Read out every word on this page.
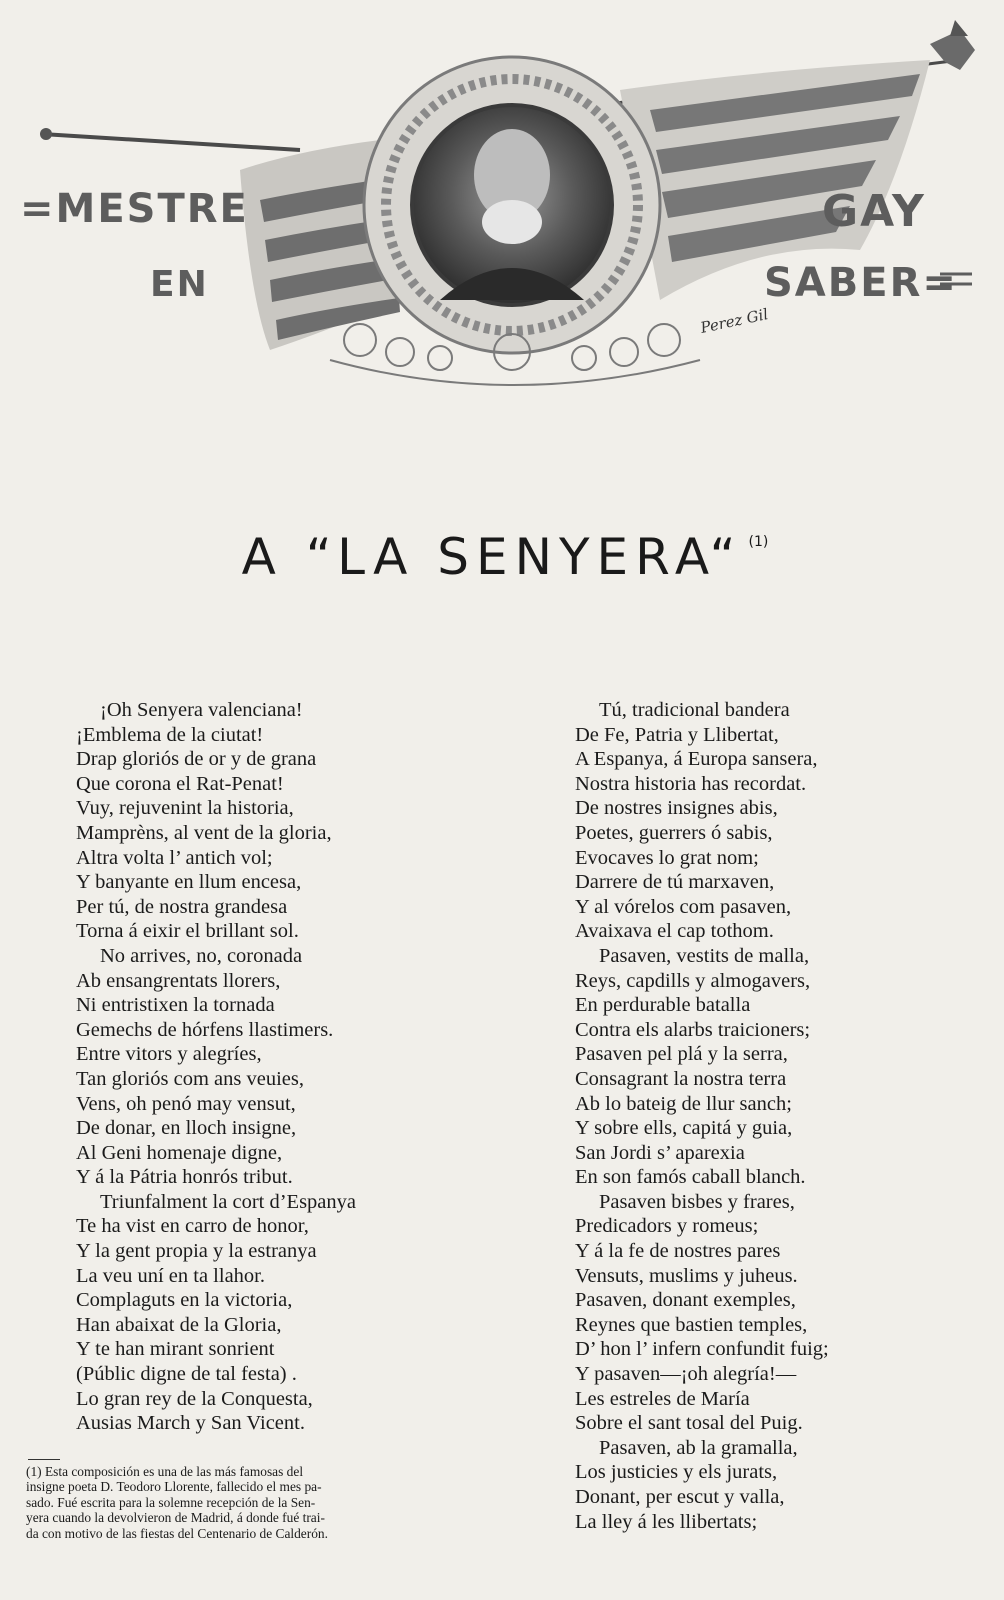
=MESTRE
EN
GAY
SABER=
Perez Gil
A “LA SENYERA“ $^{(1)}$
¡Oh Senyera valenciana!
¡Emblema de la ciutat!
Drap gloriós de or y de grana
Que corona el Rat-Penat!
Vuy, rejuvenint la historia,
Mamprèns, al vent de la gloria,
Altra volta l’ antich vol;
Y banyante en llum encesa,
Per tú, de nostra grandesa
Torna á eixir el brillant sol.
No arrives, no, coronada
Ab ensangrentats llorers,
Ni entristixen la tornada
Gemechs de hórfens llastimers.
Entre vitors y alegríes,
Tan gloriós com ans veuies,
Vens, oh penó may vensut,
De donar, en lloch insigne,
Al Geni homenaje digne,
Y á la Pátria honrós tribut.
Triunfalment la cort d’Espanya
Te ha vist en carro de honor,
Y la gent propia y la estranya
La veu uní en ta llahor.
Complaguts en la victoria,
Han abaixat de la Gloria,
Y te han mirant sonrient
(Públic digne de tal festa) .
Lo gran rey de la Conquesta,
Ausias March y San Vicent.
Tú, tradicional bandera
De Fe, Patria y Llibertat,
A Espanya, á Europa sansera,
Nostra historia has recordat.
De nostres insignes abis,
Poetes, guerrers ó sabis,
Evocaves lo grat nom;
Darrere de tú marxaven,
Y al vórelos com pasaven,
Avaixava el cap tothom.
Pasaven, vestits de malla,
Reys, capdills y almogavers,
En perdurable batalla
Contra els alarbs traicioners;
Pasaven pel plá y la serra,
Consagrant la nostra terra
Ab lo bateig de llur sanch;
Y sobre ells, capitá y guia,
San Jordi s’ aparexia
En son famós caball blanch.
Pasaven bisbes y frares,
Predicadors y romeus;
Y á la fe de nostres pares
Vensuts, muslims y juheus.
Pasaven, donant exemples,
Reynes que bastien temples,
D’ hon l’ infern confundit fuig;
Y pasaven—¡oh alegría!—
Les estreles de María
Sobre el sant tosal del Puig.
Pasaven, ab la gramalla,
Los justicies y els jurats,
Donant, per escut y valla,
La lley á les llibertats;
(1) Esta composición es una de las más famosas del
insigne poeta D. Teodoro Llorente, fallecido el mes pa-
sado. Fué escrita para la solemne recepción de la Sen-
yera cuando la devolvieron de Madrid, á donde fué trai-
da con motivo de las fiestas del Centenario de Calderón.
